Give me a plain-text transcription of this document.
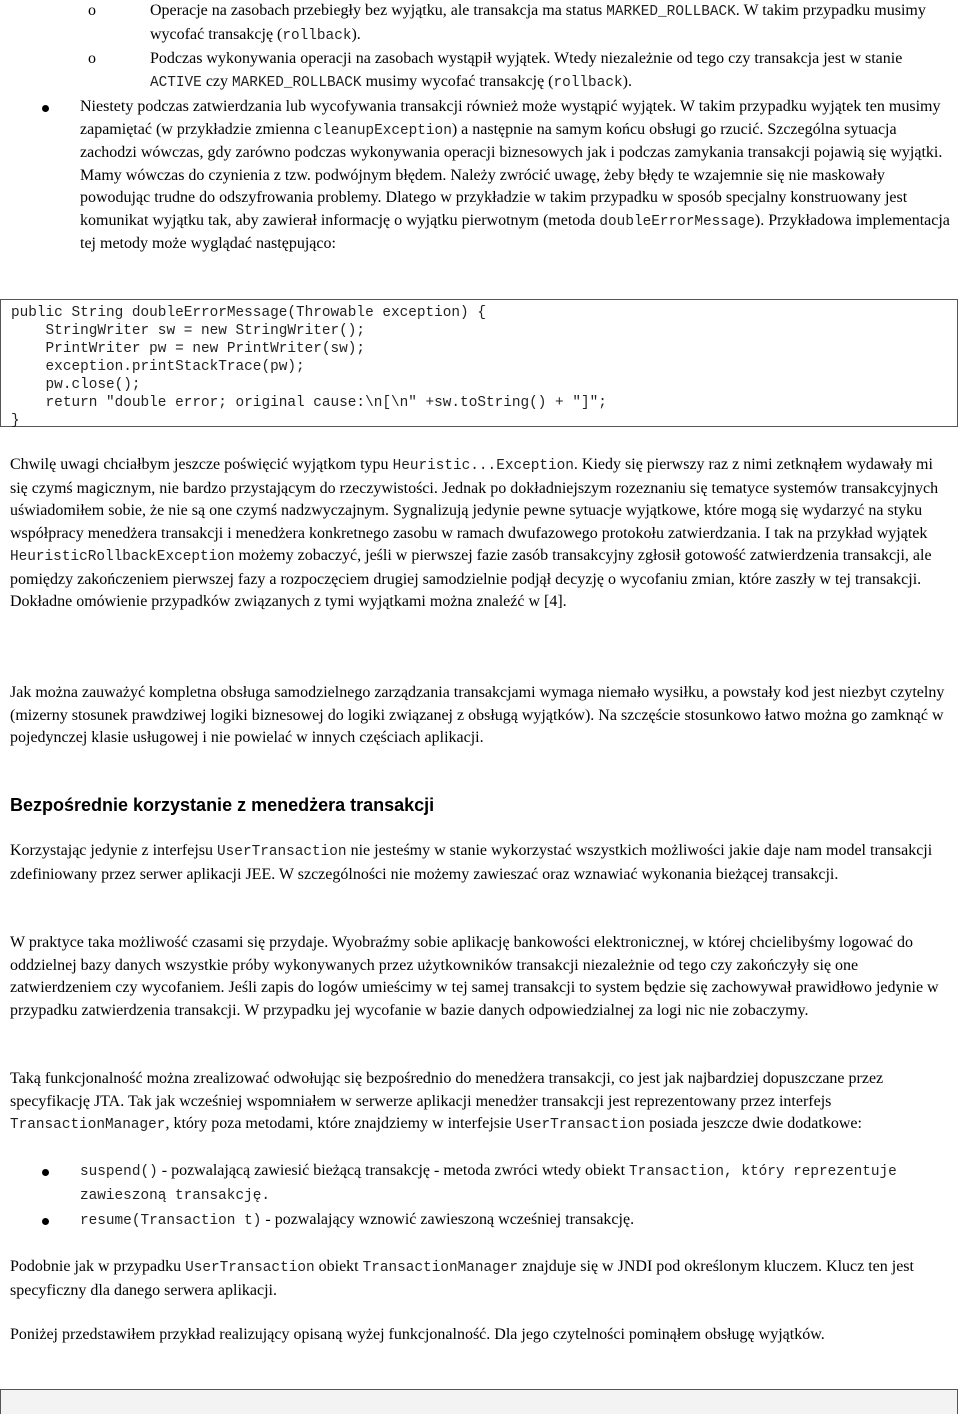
o	Operacje na zasobach przebiegły bez wyjątku, ale transakcja ma status MARKED_ROLLBACK. W takim przypadku musimy wycofać transakcję (rollback).

o	Podczas wykonywania operacji na zasobach wystąpił wyjątek. Wtedy niezależnie od tego czy transakcja jest w stanie ACTIVE czy MARKED_ROLLBACK musimy wycofać transakcję (rollback).

Niestety podczas zatwierdzania lub wycofywania transakcji również może wystąpić wyjątek. W takim przypadku wyjątek ten musimy zapamiętać (w przykładzie zmienna cleanupException) a następnie na samym końcu obsługi go rzucić. Szczególna sytuacja zachodzi wówczas, gdy zarówno podczas wykonywania operacji biznesowych jak i podczas zamykania transakcji pojawią się wyjątki. Mamy wówczas do czynienia z tzw. podwójnym błędem. Należy zwrócić uwagę, żeby błędy te wzajemnie się nie maskowały powodując trudne do odszyfrowania problemy. Dlatego w przykładzie w takim przypadku w sposób specjalny konstruowany jest komunikat wyjątku tak, aby zawierał informację o wyjątku pierwotnym (metoda doubleErrorMessage). Przykładowa implementacja tej metody może wyglądać następująco:

public String doubleErrorMessage(Throwable exception) {
StringWriter sw = new StringWriter();
PrintWriter pw = new PrintWriter(sw);
exception.printStackTrace(pw);
pw.close();
return "double error; original cause:\n[\n" +sw.toString() + "]";
}

Chwilę uwagi chciałbym jeszcze poświęcić wyjątkom typu Heuristic...Exception. Kiedy się pierwszy raz z nimi zetknąłem wydawały mi się czymś magicznym, nie bardzo przystającym do rzeczywistości. Jednak po dokładniejszym rozeznaniu się tematyce systemów transakcyjnych uświadomiłem sobie, że nie są one czymś nadzwyczajnym. Sygnalizują jedynie pewne sytuacje wyjątkowe, które mogą się wydarzyć na styku współpracy menedżera transakcji i menedżera konkretnego zasobu w ramach dwufazowego protokołu zatwierdzania. I tak na przykład wyjątek HeuristicRollbackException możemy zobaczyć, jeśli w pierwszej fazie zasób transakcyjny zgłosił gotowość zatwierdzenia transakcji, ale pomiędzy zakończeniem pierwszej fazy a rozpoczęciem drugiej samodzielnie podjął decyzję o wycofaniu zmian, które zaszły w tej transakcji. Dokładne omówienie przypadków związanych z tymi wyjątkami można znaleźć w [4].

Jak można zauważyć kompletna obsługa samodzielnego zarządzania transakcjami wymaga niemało wysiłku, a powstały kod jest niezbyt czytelny (mizerny stosunek prawdziwej logiki biznesowej do logiki związanej z obsługą wyjątków). Na szczęście stosunkowo łatwo można go zamknąć w pojedynczej klasie usługowej i nie powielać w innych częściach aplikacji.

Bezpośrednie korzystanie z menedżera transakcji

Korzystając jedynie z interfejsu UserTransaction nie jesteśmy w stanie wykorzystać wszystkich możliwości jakie daje nam model transakcji zdefiniowany przez serwer aplikacji JEE. W szczególności nie możemy zawieszać oraz wznawiać wykonania bieżącej transakcji.

W praktyce taka możliwość czasami się przydaje. Wyobraźmy sobie aplikację bankowości elektronicznej, w której chcielibyśmy logować do oddzielnej bazy danych wszystkie próby wykonywanych przez użytkowników transakcji niezależnie od tego czy zakończyły się one zatwierdzeniem czy wycofaniem. Jeśli zapis do logów umieścimy w tej samej transakcji to system będzie się zachowywał prawidłowo jedynie w przypadku zatwierdzenia transakcji. W przypadku jej wycofanie w bazie danych odpowiedzialnej za logi nic nie zobaczymy.

Taką funkcjonalność można zrealizować odwołując się bezpośrednio do menedżera transakcji, co jest jak najbardziej dopuszczane przez specyfikację JTA. Tak jak wcześniej wspomniałem w serwerze aplikacji menedżer transakcji jest reprezentowany przez interfejs TransactionManager, który poza metodami, które znajdziemy w interfejsie UserTransaction posiada jeszcze dwie dodatkowe:

suspend() - pozwalającą zawiesić bieżącą transakcję - metoda zwróci wtedy obiekt Transaction, który reprezentuje zawieszoną transakcję.

resume(Transaction t) - pozwalający wznowić zawieszoną wcześniej transakcję.

Podobnie jak w przypadku UserTransaction obiekt TransactionManager znajduje się w JNDI pod określonym kluczem. Klucz ten jest specyficzny dla danego serwera aplikacji.

Poniżej przedstawiłem przykład realizujący opisaną wyżej funkcjonalność. Dla jego czytelności pominąłem obsługę wyjątków.
